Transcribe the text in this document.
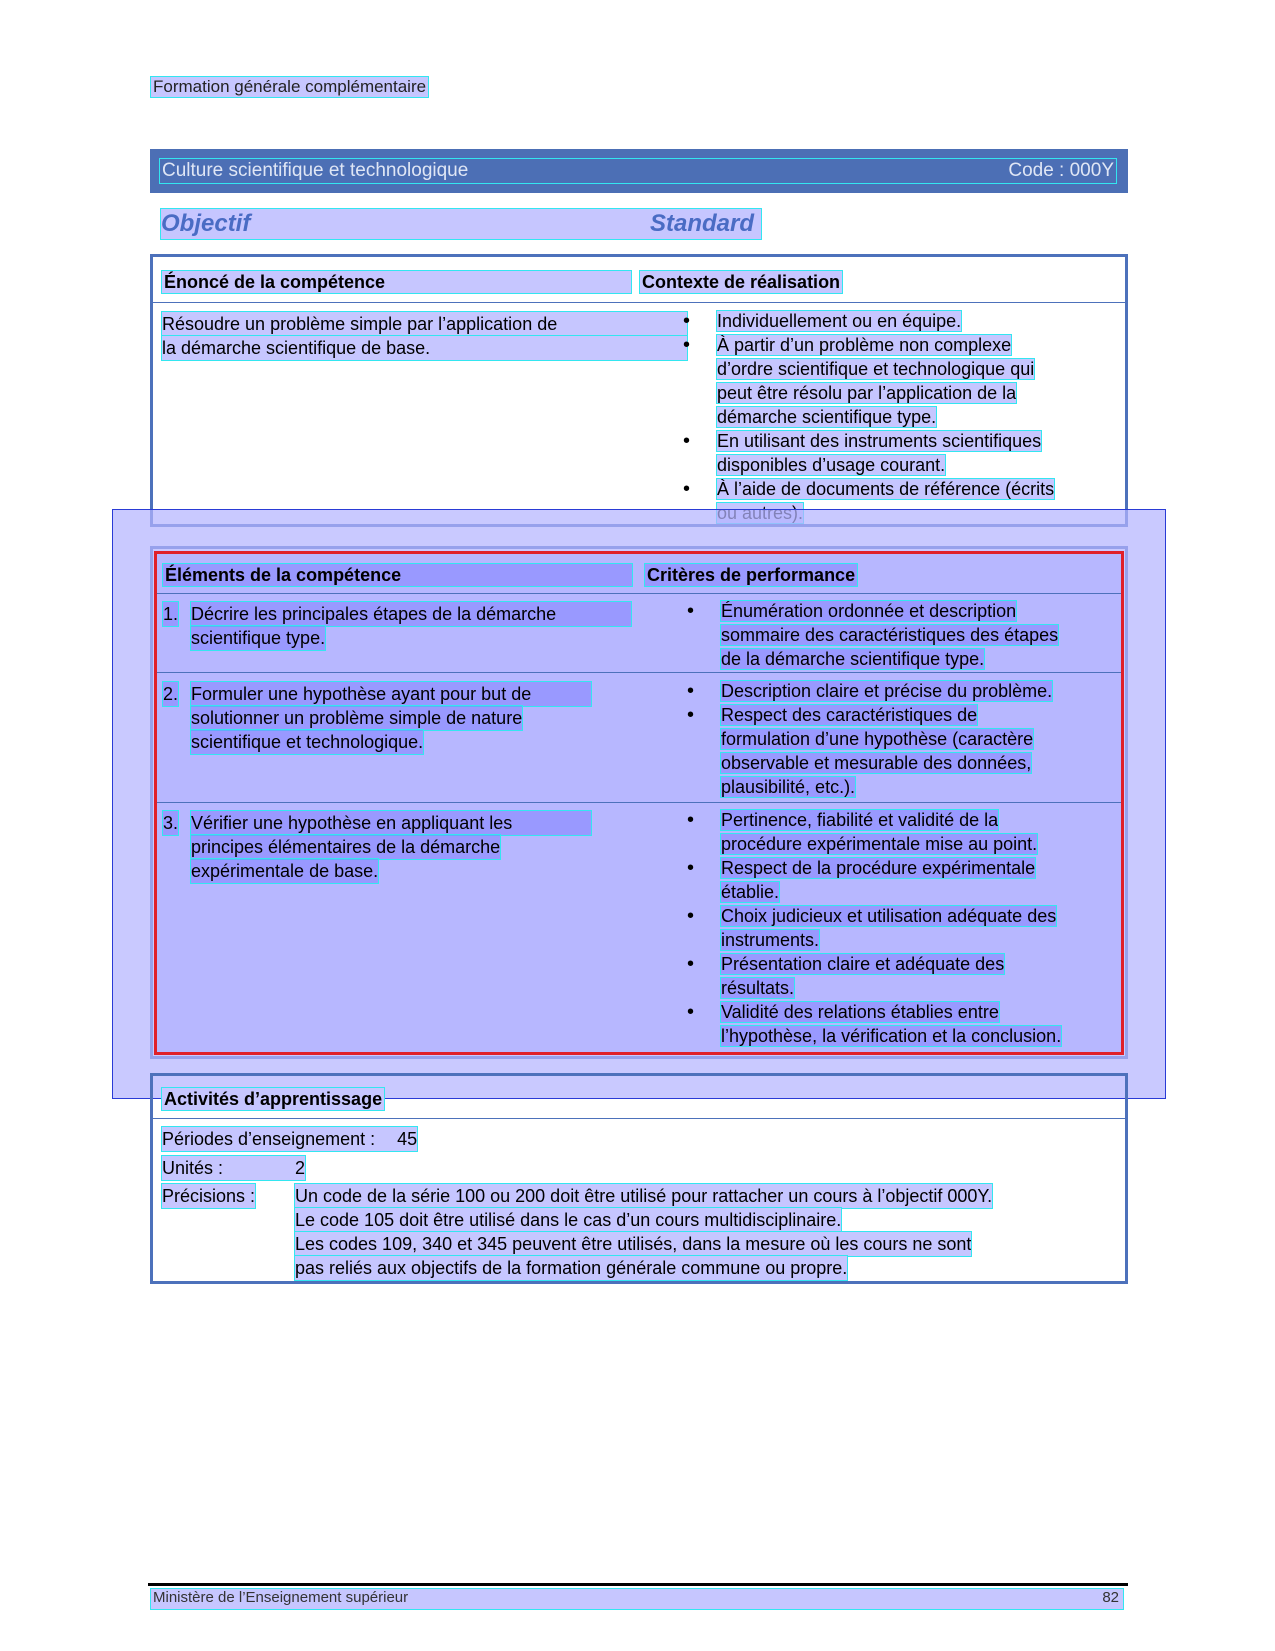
Formation générale complémentaire
Culture scientifique et technologique	Code : 000Y
Objectif	Standard
Énoncé de la compétence	Contexte de réalisation
Résoudre un problème simple par l’application de
la démarche scientifique de base.
• Individuellement ou en équipe.
• À partir d’un problème non complexe
d’ordre scientifique et technologique qui
peut être résolu par l’application de la
démarche scientifique type.
• En utilisant des instruments scientifiques
disponibles d’usage courant.
• À l’aide de documents de référence (écrits

Éléments de la compétence	Critères de performance
1. Décrire les principales étapes de la démarche
scientifique type.
• Énumération ordonnée et description
sommaire des caractéristiques des étapes
de la démarche scientifique type.
2. Formuler une hypothèse ayant pour but de
solutionner un problème simple de nature
scientifique et technologique.
• Description claire et précise du problème.
• Respect des caractéristiques de
formulation d’une hypothèse (caractère
observable et mesurable des données,
plausibilité, etc.).
3. Vérifier une hypothèse en appliquant les
principes élémentaires de la démarche
expérimentale de base.
• Pertinence, fiabilité et validité de la
procédure expérimentale mise au point.
• Respect de la procédure expérimentale
établie.
• Choix judicieux et utilisation adéquate des
instruments.
• Présentation claire et adéquate des
résultats.
• Validité des relations établies entre
l’hypothèse, la vérification et la conclusion.
Activités d’apprentissage
Périodes d’enseignement : 45
Unités :	2
Précisions : Un code de la série 100 ou 200 doit être utilisé pour rattacher un cours à l’objectif 000Y.
Le code 105 doit être utilisé dans le cas d’un cours multidisciplinaire.
Les codes 109, 340 et 345 peuvent être utilisés, dans la mesure où les cours ne sont
pas reliés aux objectifs de la formation générale commune ou propre.
Ministère de l’Enseignement supérieur	82
